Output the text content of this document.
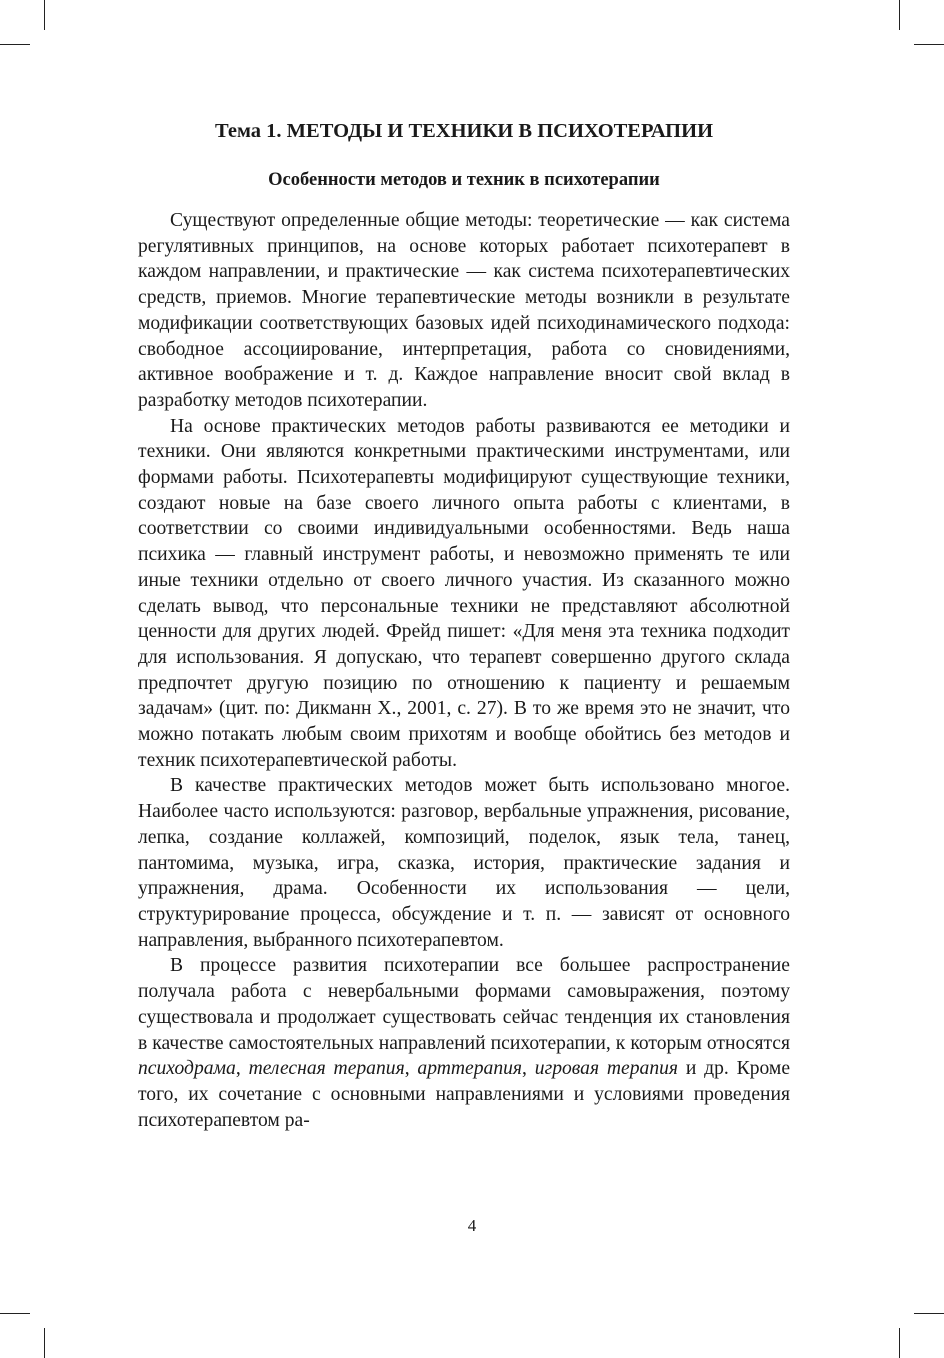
Тема 1. МЕТОДЫ И ТЕХНИКИ В ПСИХОТЕРАПИИ
Особенности методов и техник в психотерапии

Существуют определенные общие методы: теоретические — как система регулятивных принципов, на основе которых работает психотерапевт в каждом направлении, и практические — как система психотерапевтических средств, приемов. Многие терапевтические методы возникли в результате модификации соответствующих базовых идей психодинамического подхода: свободное ассоциирование, интерпретация, работа со сновидениями, активное воображение и т. д. Каждое направление вносит свой вклад в разработку методов психотерапии.

На основе практических методов работы развиваются ее методики и техники. Они являются конкретными практическими инструментами, или формами работы. Психотерапевты модифицируют существующие техники, создают новые на базе своего личного опыта работы с клиентами, в соответствии со своими индивидуальными особенностями. Ведь наша психика — главный инструмент работы, и невозможно применять те или иные техники отдельно от своего личного участия. Из сказанного можно сделать вывод, что персональные техники не представляют абсолютной ценности для других людей. Фрейд пишет: «Для меня эта техника подходит для использования. Я допускаю, что терапевт совершенно другого склада предпочтет другую позицию по отношению к пациенту и решаемым задачам» (цит. по: Дикманн Х., 2001, с. 27). В то же время это не значит, что можно потакать любым своим прихотям и вообще обойтись без методов и техник психотерапевтической работы.

В качестве практических методов может быть использовано многое. Наиболее часто используются: разговор, вербальные упражнения, рисование, лепка, создание коллажей, композиций, поделок, язык тела, танец, пантомима, музыка, игра, сказка, история, практические задания и упражнения, драма. Особенности их использования — цели, структурирование процесса, обсуждение и т. п. — зависят от основного направления, выбранного психотерапевтом.

В процессе развития психотерапии все большее распространение получала работа с невербальными формами самовыражения, поэтому существовала и продолжает существовать сейчас тенденция их становления в качестве самостоятельных направлений психотерапии, к которым относятся психодрама, телесная терапия, арттерапия, игровая терапия и др. Кроме того, их сочетание с основными направлениями и условиями проведения психотерапевтом ра-

4
